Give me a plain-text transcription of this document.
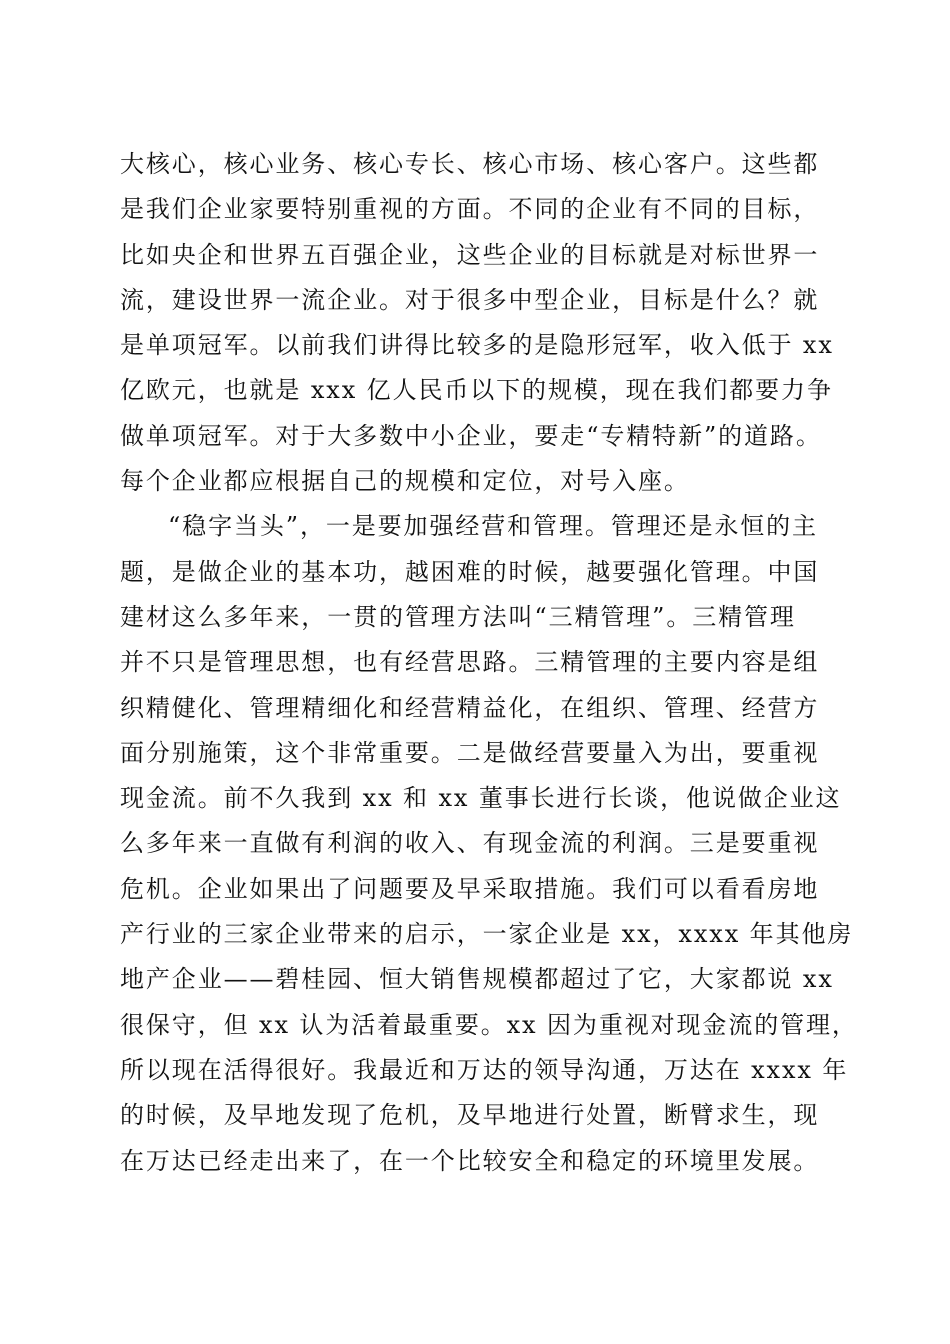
大核心，核心业务、核心专长、核心市场、核心客户。这些都
是我们企业家要特别重视的方面。不同的企业有不同的目标，
比如央企和世界五百强企业，这些企业的目标就是对标世界一
流，建设世界一流企业。对于很多中型企业，目标是什么？就
是单项冠军。以前我们讲得比较多的是隐形冠军，收入低于 xx
亿欧元，也就是 xxx 亿人民币以下的规模，现在我们都要力争
做单项冠军。对于大多数中小企业，要走“专精特新”的道路。
每个企业都应根据自己的规模和定位，对号入座。
“稳字当头”，一是要加强经营和管理。管理还是永恒的主
题，是做企业的基本功，越困难的时候，越要强化管理。中国
建材这么多年来，一贯的管理方法叫“三精管理”。三精管理
并不只是管理思想，也有经营思路。三精管理的主要内容是组
织精健化、管理精细化和经营精益化，在组织、管理、经营方
面分别施策，这个非常重要。二是做经营要量入为出，要重视
现金流。前不久我到 xx 和 xx 董事长进行长谈，他说做企业这
么多年来一直做有利润的收入、有现金流的利润。三是要重视
危机。企业如果出了问题要及早采取措施。我们可以看看房地
产行业的三家企业带来的启示，一家企业是 xx，xxxx 年其他房
地产企业——碧桂园、恒大销售规模都超过了它，大家都说 xx
很保守，但 xx 认为活着最重要。xx 因为重视对现金流的管理，
所以现在活得很好。我最近和万达的领导沟通，万达在 xxxx 年
的时候，及早地发现了危机，及早地进行处置，断臂求生，现
在万达已经走出来了，在一个比较安全和稳定的环境里发展。
